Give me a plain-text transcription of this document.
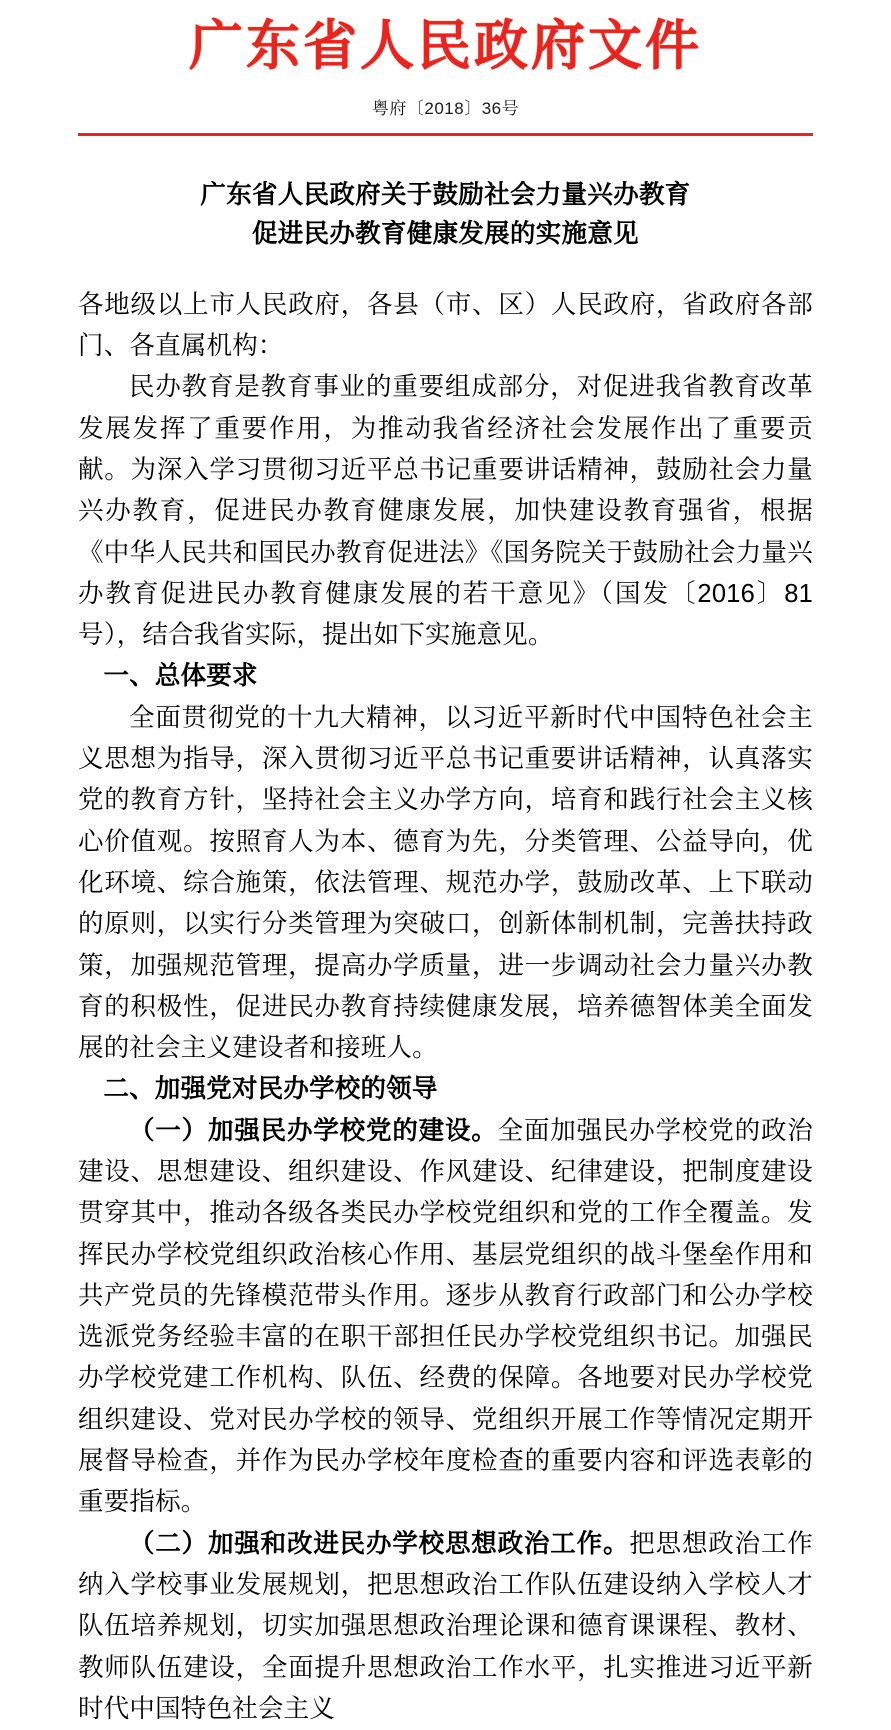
广东省人民政府文件
粤府〔2018〕36号
广东省人民政府关于鼓励社会力量兴办教育
促进民办教育健康发展的实施意见

各地级以上市人民政府，各县（市、区）人民政府，省政府各部门、各直属机构：

民办教育是教育事业的重要组成部分，对促进我省教育改革发展发挥了重要作用，为推动我省经济社会发展作出了重要贡献。为深入学习贯彻习近平总书记重要讲话精神，鼓励社会力量兴办教育，促进民办教育健康发展，加快建设教育强省，根据《中华人民共和国民办教育促进法》《国务院关于鼓励社会力量兴办教育促进民办教育健康发展的若干意见》（国发〔2016〕81号），结合我省实际，提出如下实施意见。

一、总体要求

全面贯彻党的十九大精神，以习近平新时代中国特色社会主义思想为指导，深入贯彻习近平总书记重要讲话精神，认真落实党的教育方针，坚持社会主义办学方向，培育和践行社会主义核心价值观。按照育人为本、德育为先，分类管理、公益导向，优化环境、综合施策，依法管理、规范办学，鼓励改革、上下联动的原则，以实行分类管理为突破口，创新体制机制，完善扶持政策，加强规范管理，提高办学质量，进一步调动社会力量兴办教育的积极性，促进民办教育持续健康发展，培养德智体美全面发展的社会主义建设者和接班人。

二、加强党对民办学校的领导

（一）加强民办学校党的建设。全面加强民办学校党的政治建设、思想建设、组织建设、作风建设、纪律建设，把制度建设贯穿其中，推动各级各类民办学校党组织和党的工作全覆盖。发挥民办学校党组织政治核心作用、基层党组织的战斗堡垒作用和共产党员的先锋模范带头作用。逐步从教育行政部门和公办学校选派党务经验丰富的在职干部担任民办学校党组织书记。加强民办学校党建工作机构、队伍、经费的保障。各地要对民办学校党组织建设、党对民办学校的领导、党组织开展工作等情况定期开展督导检查，并作为民办学校年度检查的重要内容和评选表彰的重要指标。

（二）加强和改进民办学校思想政治工作。把思想政治工作纳入学校事业发展规划，把思想政治工作队伍建设纳入学校人才队伍培养规划，切实加强思想政治理论课和德育课课程、教材、教师队伍建设，全面提升思想政治工作水平，扎实推进习近平新时代中国特色社会主义
